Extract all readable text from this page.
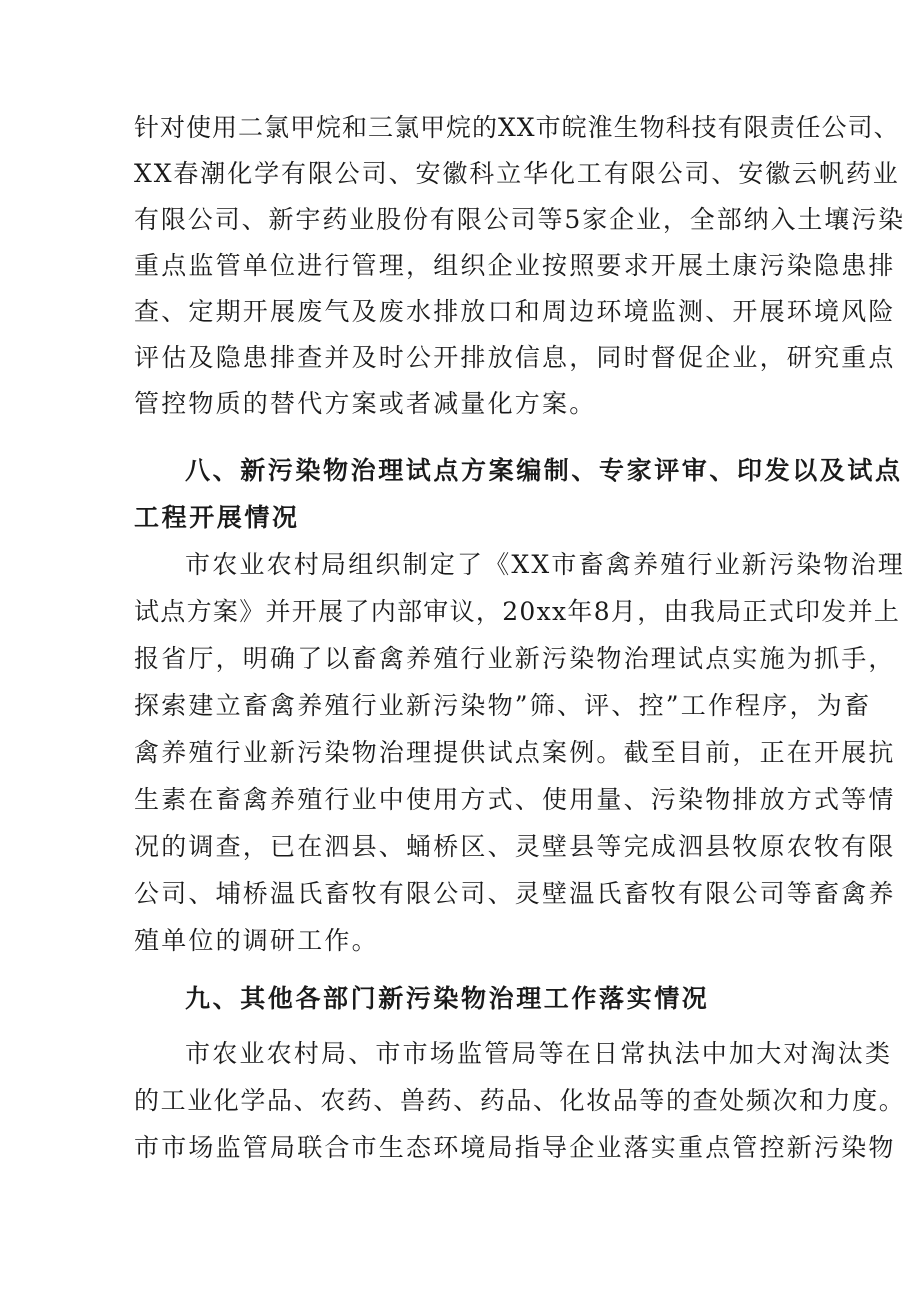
针对使用二氯甲烷和三氯甲烷的XX市皖淮生物科技有限责任公司、
XX春潮化学有限公司、安徽科立华化工有限公司、安徽云帆药业
有限公司、新宇药业股份有限公司等5家企业，全部纳入土壤污染
重点监管单位进行管理，组织企业按照要求开展土康污染隐患排
查、定期开展废气及废水排放口和周边环境监测、开展环境风险
评估及隐患排查并及时公开排放信息，同时督促企业，研究重点
管控物质的替代方案或者减量化方案。
八、新污染物治理试点方案编制、专家评审、印发以及试点
工程开展情况
市农业农村局组织制定了《XX市畜禽养殖行业新污染物治理
试点方案》并开展了内部审议，20xx年8月，由我局正式印发并上
报省厅，明确了以畜禽养殖行业新污染物治理试点实施为抓手，
探索建立畜禽养殖行业新污染物”筛、评、控”工作程序，为畜
禽养殖行业新污染物治理提供试点案例。截至目前，正在开展抗
生素在畜禽养殖行业中使用方式、使用量、污染物排放方式等情
况的调查，已在泗县、蛹桥区、灵壁县等完成泗县牧原农牧有限
公司、埔桥温氏畜牧有限公司、灵壁温氏畜牧有限公司等畜禽养
殖单位的调研工作。
九、其他各部门新污染物治理工作落实情况
市农业农村局、市市场监管局等在日常执法中加大对淘汰类
的工业化学品、农药、兽药、药品、化妆品等的查处频次和力度。
市市场监管局联合市生态环境局指导企业落实重点管控新污染物
